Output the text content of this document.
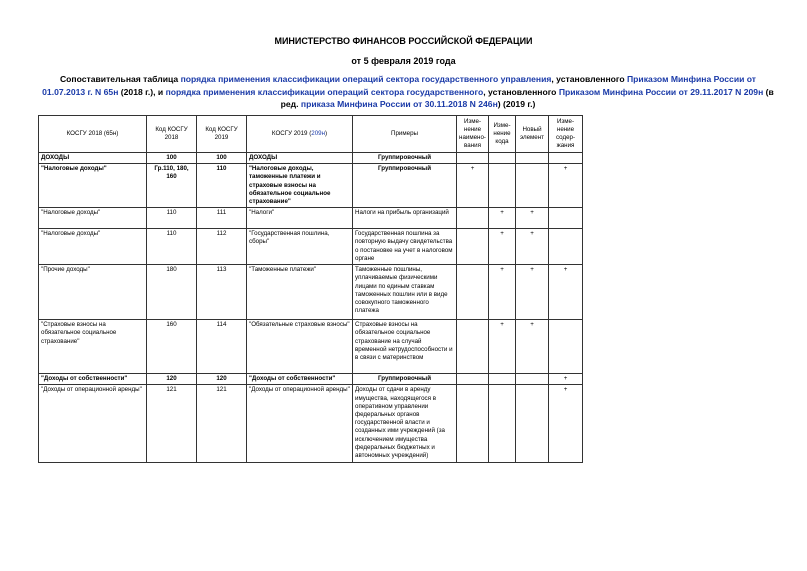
МИНИСТЕРСТВО ФИНАНСОВ РОССИЙСКОЙ ФЕДЕРАЦИИ
от 5 февраля 2019 года
Сопоставительная таблица порядка применения классификации операций сектора государственного управления, установленного Приказом Минфина России от 01.07.2013 г. N 65н (2018 г.), и порядка применения классификации операций сектора государственного, установленного Приказом Минфина России от 29.11.2017 N 209н (в ред. приказа Минфина России от 30.11.2018 N 246н) (2019 г.)
КОСГУ 2018 (65н)	Код КОСГУ 2018	Код КОСГУ 2019	КОСГУ 2019 (209н)	Примеры	Изме-нение наимено-вания	Изме-нение кода	Новый элемент	Изме-нение содер-жания
ДОХОДЫ	100	100	ДОХОДЫ	Группировочный				
"Налоговые доходы"	Гр.110, 180, 160	110	"Налоговые доходы, таможенные платежи и страховые взносы на обязательное социальное страхование"	Группировочный	+			+
"Налоговые доходы"	110	111	"Налоги"	Налоги на прибыль организаций		+	+	
"Налоговые доходы"	110	112	"Государственная пошлина, сборы"	Государственная пошлина за повторную выдачу свидетельства о постановке на учет в налоговом органе		+	+	
"Прочие доходы"	180	113	"Таможенные платежи"	Таможенные пошлины, уплачиваемые физическими лицами по единым ставкам таможенных пошлин или в виде совокупного таможенного платежа		+	+	+
"Страховые взносы на обязательное социальное страхование"	160	114	"Обязательные страховые взносы"	Страховые взносы на обязательное социальное страхование на случай временной нетрудоспособности и в связи с материнством		+	+	
"Доходы от собственности"	120	120	"Доходы от собственности"	Группировочный				+
"Доходы от операционной аренды"	121	121	"Доходы от операционной аренды"	Доходы от сдачи в аренду имущества, находящегося в оперативном управлении федеральных органов государственной власти и созданных ими учреждений (за исключением имущества федеральных бюджетных и автономных учреждений)				+
